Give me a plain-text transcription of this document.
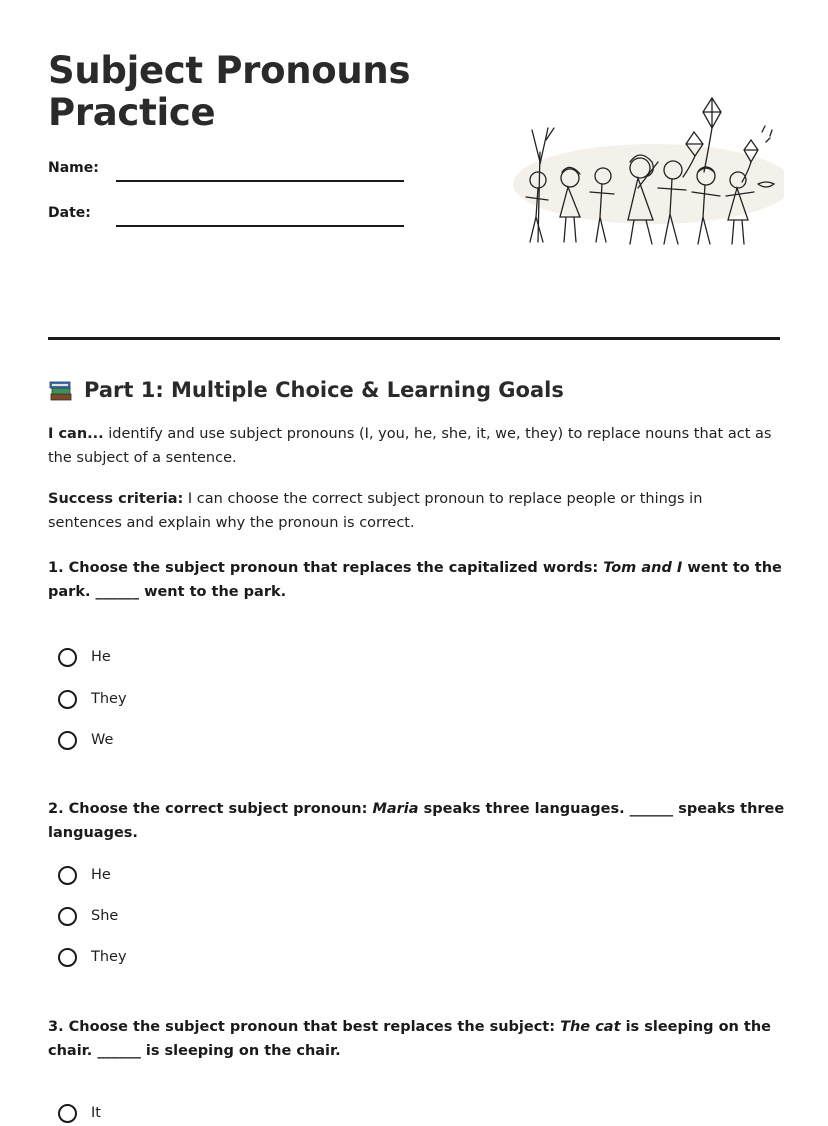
Subject Pronouns Practice
Name:
Date:
Part 1: Multiple Choice & Learning Goals

I can... identify and use subject pronouns (I, you, he, she, it, we, they) to replace nouns that act as the subject of a sentence.

Success criteria: I can choose the correct subject pronoun to replace people or things in sentences and explain why the pronoun is correct.

1. Choose the subject pronoun that replaces the capitalized words: Tom and I went to the park. ______ went to the park.

He
They
We

2. Choose the correct subject pronoun: Maria speaks three languages. ______ speaks three languages.

He
She
They

3. Choose the subject pronoun that best replaces the subject: The cat is sleeping on the chair. ______ is sleeping on the chair.

It
